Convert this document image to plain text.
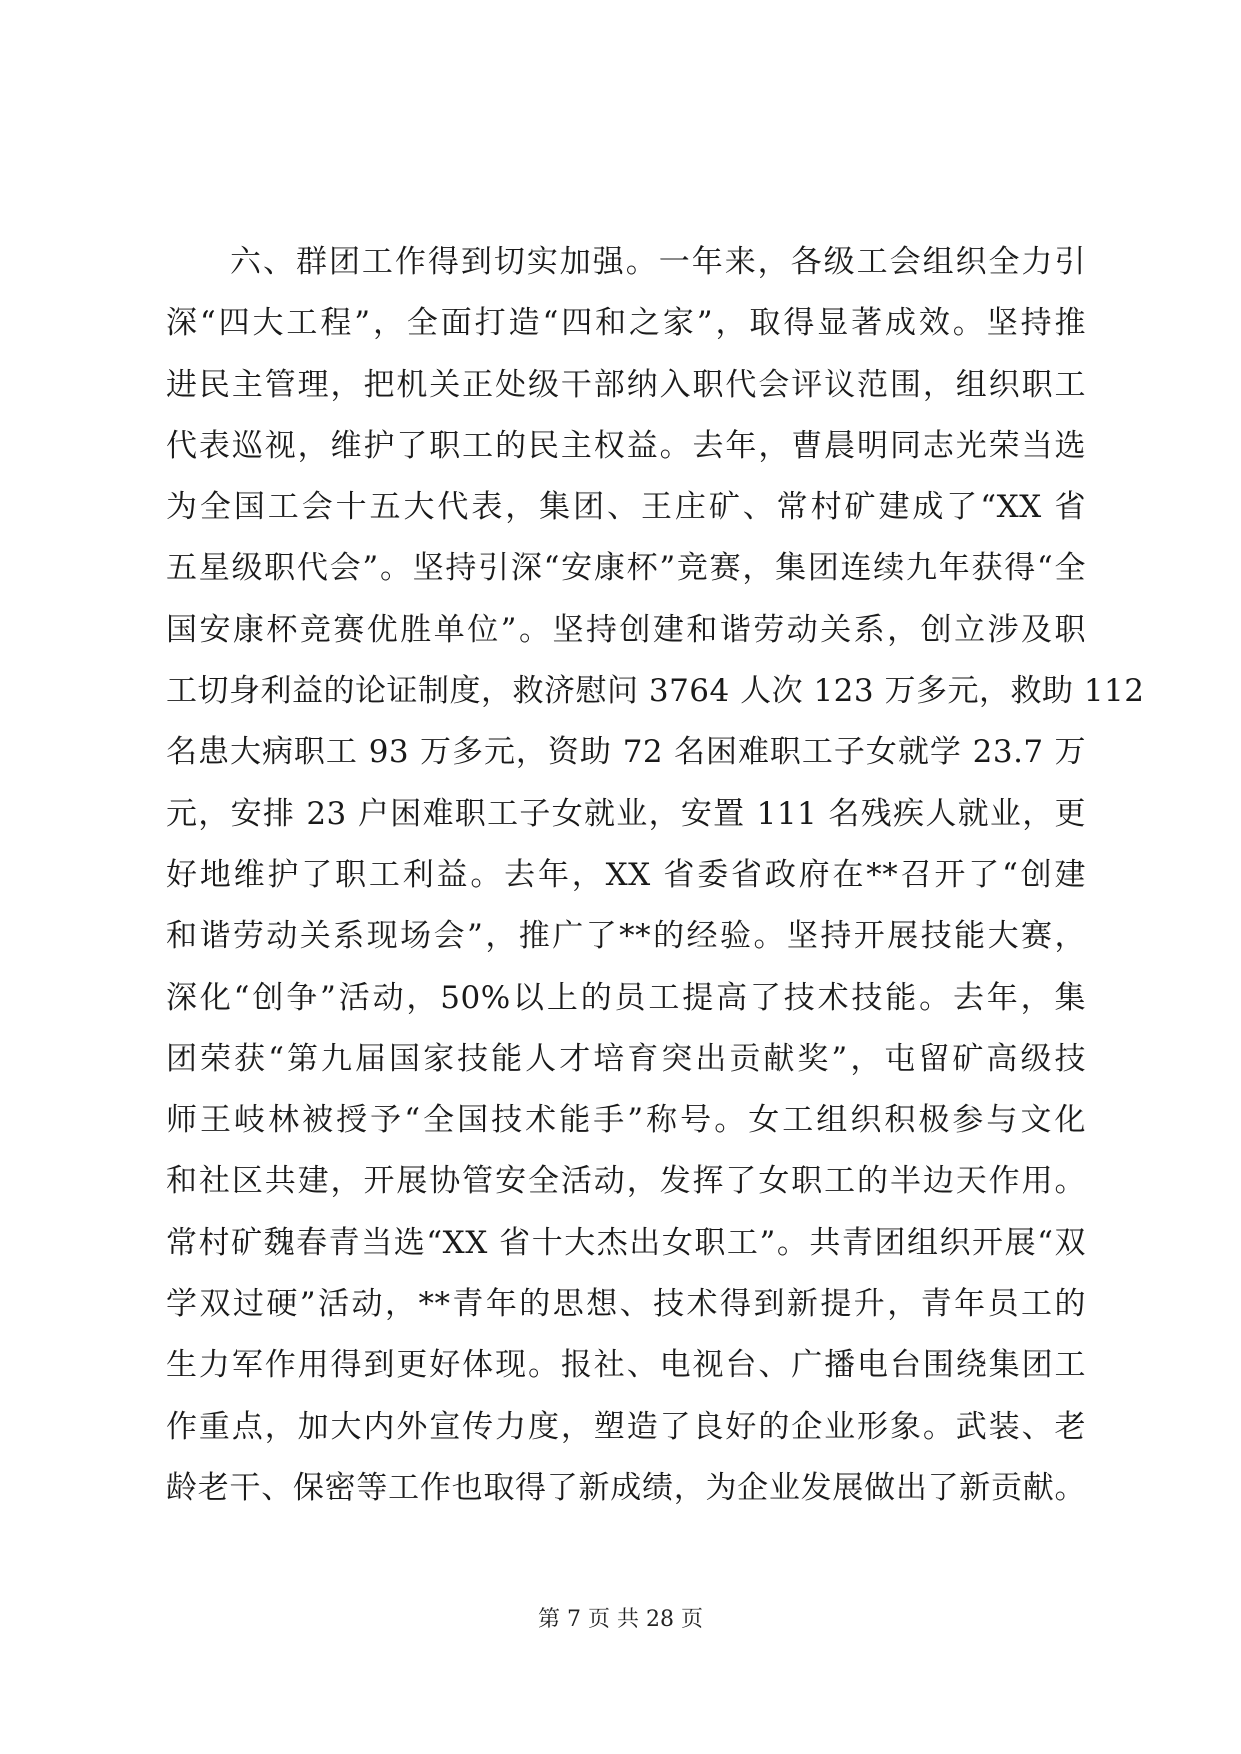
六、群团工作得到切实加强。一年来，各级工会组织全力引
深“四大工程”，全面打造“四和之家”，取得显著成效。坚持推
进民主管理，把机关正处级干部纳入职代会评议范围，组织职工
代表巡视，维护了职工的民主权益。去年，曹晨明同志光荣当选
为全国工会十五大代表，集团、王庄矿、常村矿建成了“XX 省
五星级职代会”。坚持引深“安康杯”竞赛，集团连续九年获得“全
国安康杯竞赛优胜单位”。坚持创建和谐劳动关系，创立涉及职
工切身利益的论证制度，救济慰问 3764 人次 123 万多元，救助 112
名患大病职工 93 万多元，资助 72 名困难职工子女就学 23.7 万
元，安排 23 户困难职工子女就业，安置 111 名残疾人就业，更
好地维护了职工利益。去年，XX 省委省政府在**召开了“创建
和谐劳动关系现场会”，推广了**的经验。坚持开展技能大赛，
深化“创争”活动，50%以上的员工提高了技术技能。去年，集
团荣获“第九届国家技能人才培育突出贡献奖”，屯留矿高级技
师王岐林被授予“全国技术能手”称号。女工组织积极参与文化
和社区共建，开展协管安全活动，发挥了女职工的半边天作用。
常村矿魏春青当选“XX 省十大杰出女职工”。共青团组织开展“双
学双过硬”活动，**青年的思想、技术得到新提升，青年员工的
生力军作用得到更好体现。报社、电视台、广播电台围绕集团工
作重点，加大内外宣传力度，塑造了良好的企业形象。武装、老
龄老干、保密等工作也取得了新成绩，为企业发展做出了新贡献。
第 7 页 共 28 页
